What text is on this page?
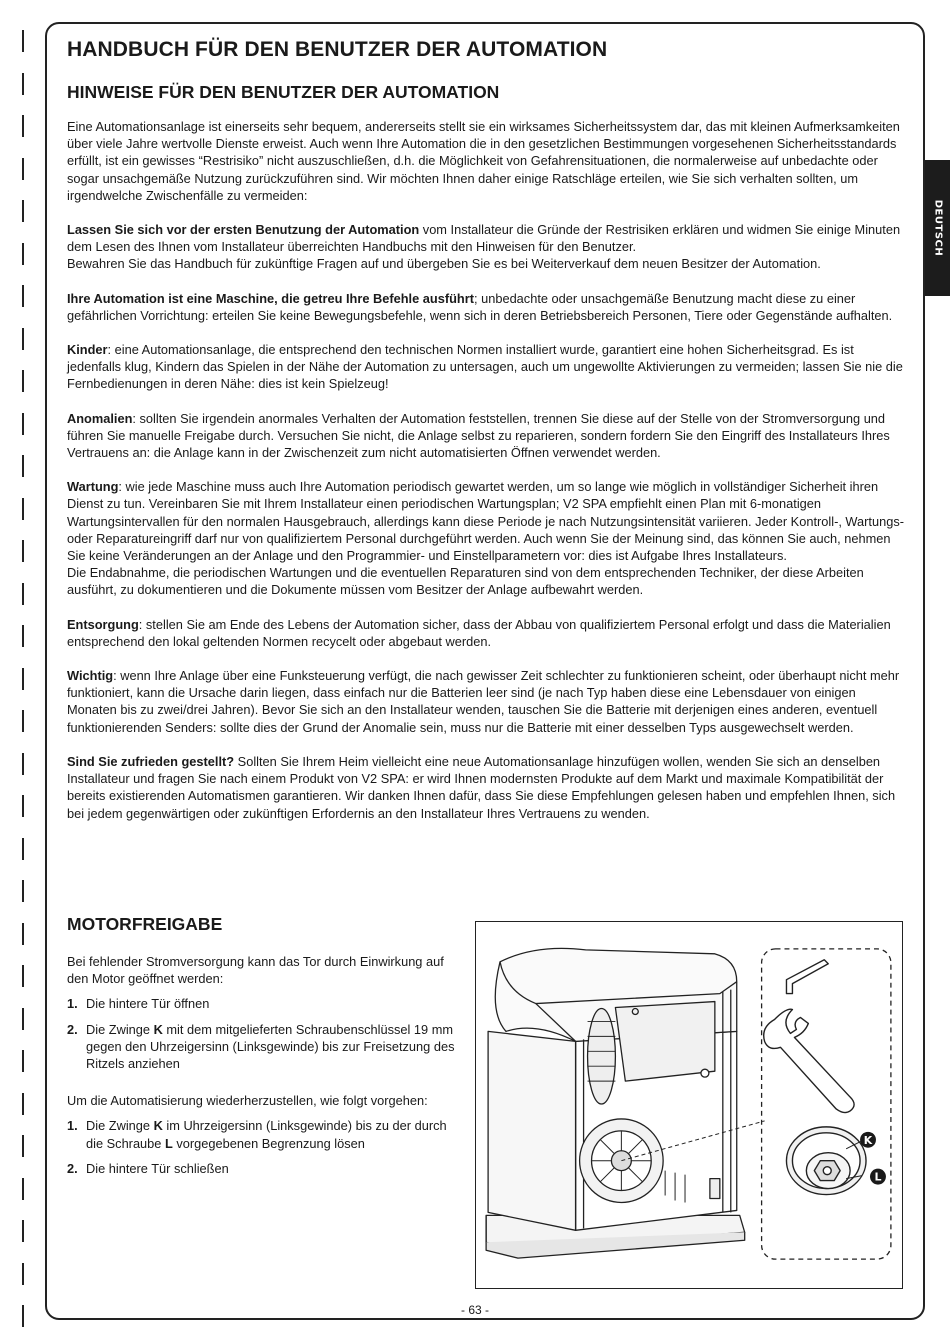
DEUTSCH
HANDBUCH FÜR DEN BENUTZER DER AUTOMATION
HINWEISE FÜR DEN BENUTZER DER AUTOMATION

Eine Automationsanlage ist einerseits sehr bequem, andererseits stellt sie ein wirksames Sicherheitssystem dar, das mit kleinen Aufmerksamkeiten über viele Jahre wertvolle Dienste erweist. Auch wenn Ihre Automation die in den gesetzlichen Bestimmungen vorgesehenen Sicherheitsstandards erfüllt, ist ein gewisses “Restrisiko” nicht auszuschließen, d.h. die Möglichkeit von Gefahrensituationen, die normalerweise auf unbedachte oder sogar unsachgemäße Nutzung zurückzuführen sind. Wir möchten Ihnen daher einige Ratschläge erteilen, wie Sie sich verhalten sollten, um irgendwelche Zwischenfälle zu vermeiden:

Lassen Sie sich vor der ersten Benutzung der Automation vom Installateur die Gründe der Restrisiken erklären und widmen Sie einige Minuten dem Lesen des Ihnen vom Installateur überreichten Handbuchs mit den Hinweisen für den Benutzer.

Bewahren Sie das Handbuch für zukünftige Fragen auf und übergeben Sie es bei Weiterverkauf dem neuen Besitzer der Automation.

Ihre Automation ist eine Maschine, die getreu Ihre Befehle ausführt; unbedachte oder unsachgemäße Benutzung macht diese zu einer gefährlichen Vorrichtung: erteilen Sie keine Bewegungsbefehle, wenn sich in deren Betriebsbereich Personen, Tiere oder Gegenstände aufhalten.

Kinder: eine Automationsanlage, die entsprechend den technischen Normen installiert wurde, garantiert eine hohen Sicherheitsgrad. Es ist jedenfalls klug, Kindern das Spielen in der Nähe der Automation zu untersagen, auch um ungewollte Aktivierungen zu vermeiden; lassen Sie nie die Fernbedienungen in deren Nähe: dies ist kein Spielzeug!

Anomalien: sollten Sie irgendein anormales Verhalten der Automation feststellen, trennen Sie diese auf der Stelle von der Stromversorgung und führen Sie manuelle Freigabe durch. Versuchen Sie nicht, die Anlage selbst zu reparieren, sondern fordern Sie den Eingriff des Installateurs Ihres Vertrauens an: die Anlage kann in der Zwischenzeit zum nicht automatisierten Öffnen verwendet werden.

Wartung: wie jede Maschine muss auch Ihre Automation periodisch gewartet werden, um so lange wie möglich in vollständiger Sicherheit ihren Dienst zu tun. Vereinbaren Sie mit Ihrem Installateur einen periodischen Wartungsplan; V2 SPA empfiehlt einen Plan mit 6-monatigen Wartungsintervallen für den normalen Hausgebrauch, allerdings kann diese Periode je nach Nutzungsintensität variieren. Jeder Kontroll-, Wartungs- oder Reparatureingriff darf nur von qualifiziertem Personal durchgeführt werden. Auch wenn Sie der Meinung sind, das können Sie auch, nehmen Sie keine Veränderungen an der Anlage und den Programmier- und Einstellparametern vor: dies ist Aufgabe Ihres Installateurs.

Die Endabnahme, die periodischen Wartungen und die eventuellen Reparaturen sind von dem entsprechenden Techniker, der diese Arbeiten ausführt, zu dokumentieren und die Dokumente müssen vom Besitzer der Anlage aufbewahrt werden.

Entsorgung: stellen Sie am Ende des Lebens der Automation sicher, dass der Abbau von qualifiziertem Personal erfolgt und dass die Materialien entsprechend den lokal geltenden Normen recycelt oder abgebaut werden.

Wichtig: wenn Ihre Anlage über eine Funksteuerung verfügt, die nach gewisser Zeit schlechter zu funktionieren scheint, oder überhaupt nicht mehr funktioniert, kann die Ursache darin liegen, dass einfach nur die Batterien leer sind (je nach Typ haben diese eine Lebensdauer von einigen Monaten bis zu zwei/drei Jahren). Bevor Sie sich an den Installateur wenden, tauschen Sie die Batterie mit derjenigen eines anderen, eventuell funktionierenden Senders: sollte dies der Grund der Anomalie sein, muss nur die Batterie mit einer desselben Typs ausgewechselt werden.

Sind Sie zufrieden gestellt? Sollten Sie Ihrem Heim vielleicht eine neue Automationsanlage hinzufügen wollen, wenden Sie sich an denselben Installateur und fragen Sie nach einem Produkt von V2 SPA: er wird Ihnen modernsten Produkte auf dem Markt und maximale Kompatibilität der bereits existierenden Automatismen garantieren. Wir danken Ihnen dafür, dass Sie diese Empfehlungen gelesen haben und empfehlen Ihnen, sich bei jedem gegenwärtigen oder zukünftigen Erfordernis an den Installateur Ihres Vertrauens zu wenden.

MOTORFREIGABE

Bei fehlender Stromversorgung kann das Tor durch Einwirkung auf den Motor geöffnet werden:

1. Die hintere Tür öffnen
2. Die Zwinge K mit dem mitgelieferten Schraubenschlüssel 19 mm gegen den Uhrzeigersinn (Linksgewinde) bis zur Freisetzung des Ritzels anziehen

Um die Automatisierung wiederherzustellen, wie folgt vorgehen:

1. Die Zwinge K im Uhrzeigersinn (Linksgewinde) bis zu der durch die Schraube L vorgegebenen Begrenzung lösen
2. Die hintere Tür schließen
K
L
- 63 -
